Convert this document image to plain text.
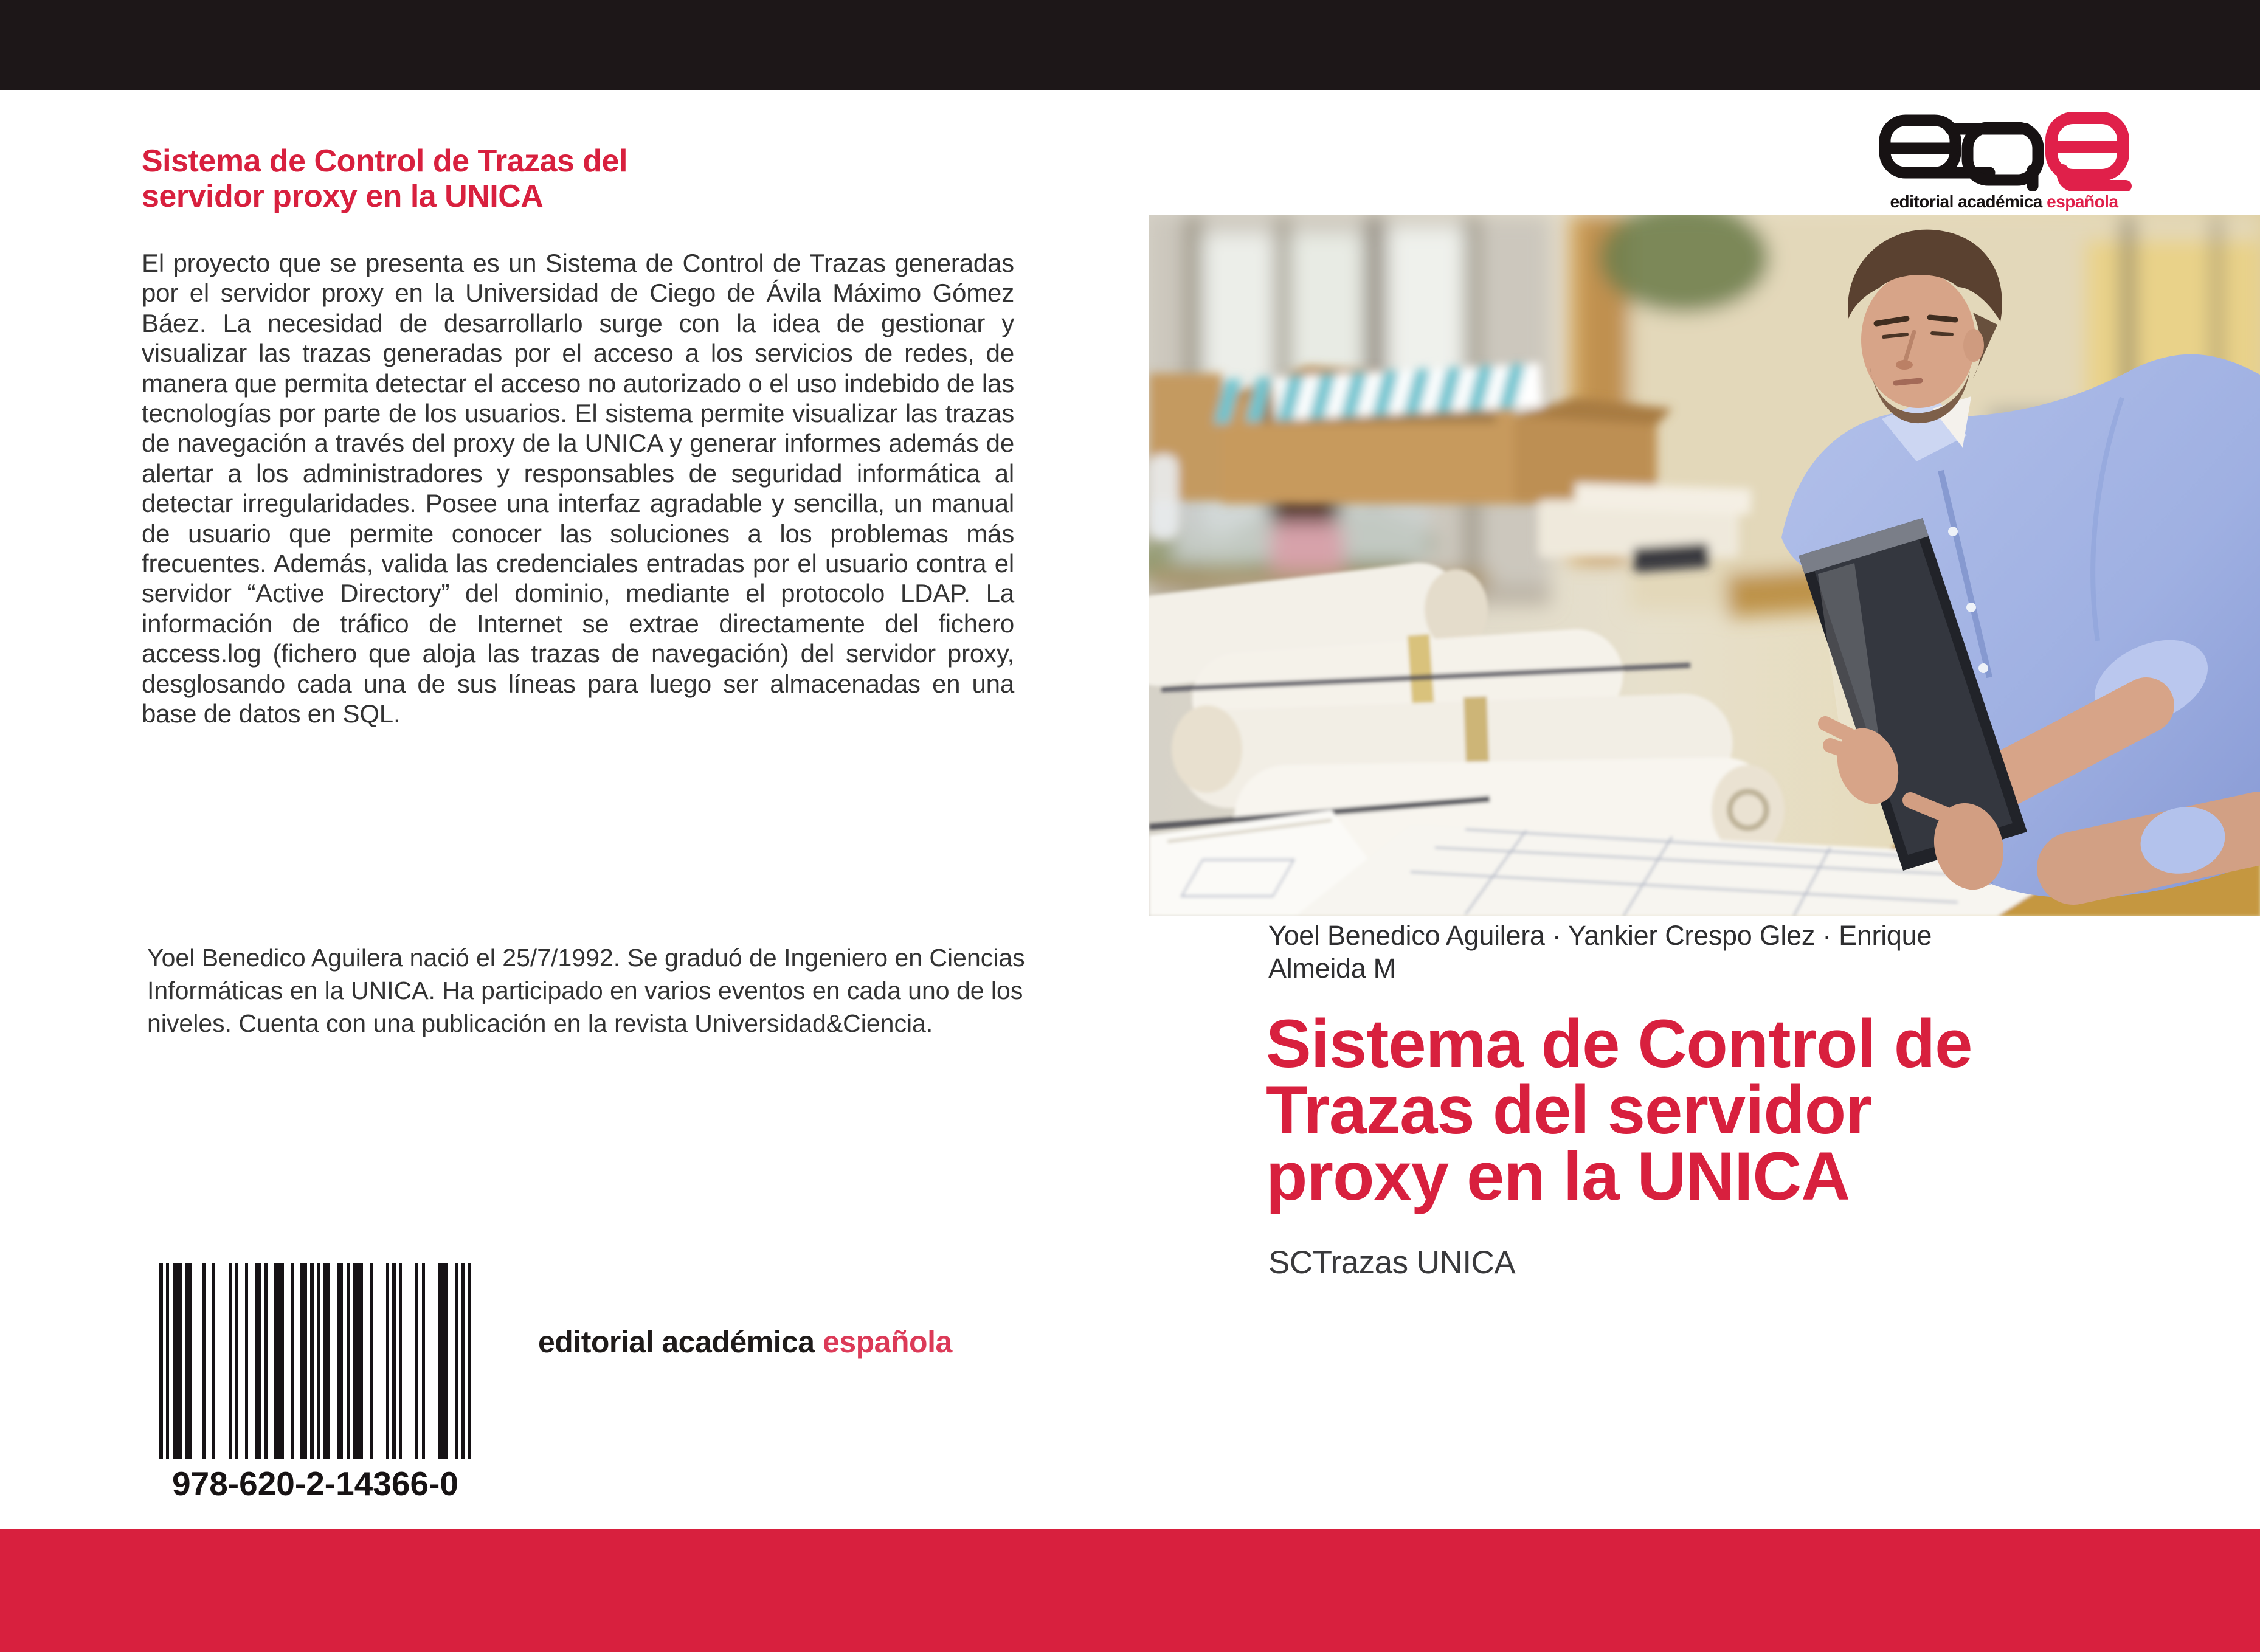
Sistema de Control de Trazas del
servidor proxy en la UNICA
El proyecto que se presenta es un Sistema de Control de Trazas generadas por el servidor proxy en la Universidad de Ciego de Ávila Máximo Gómez Báez. La necesidad de desarrollarlo surge con la idea de gestionar y visualizar las trazas generadas por el acceso a los servicios de redes, de manera que permita detectar el acceso no autorizado o el uso indebido de las tecnologías por parte de los usuarios. El sistema permite visualizar las trazas de navegación a través del proxy de la UNICA y generar informes además de alertar a los administradores y responsables de seguridad informática al detectar irregularidades. Posee una interfaz agradable y sencilla, un manual de usuario que permite conocer las soluciones a los problemas más frecuentes. Además, valida las credenciales entradas por el usuario contra el servidor “Active Directory” del dominio, mediante el protocolo LDAP. La información de tráfico de Internet se extrae directamente del fichero access.log (fichero que aloja las trazas de navegación) del servidor proxy, desglosando cada una de sus líneas para luego ser almacenadas en una base de datos en SQL.
Yoel Benedico Aguilera nació el 25/7/1992. Se graduó de Ingeniero en Ciencias Informáticas en la UNICA. Ha participado en varios eventos en cada uno de los niveles. Cuenta con una publicación en la revista Universidad&Ciencia.
978-620-2-14366-0
editorial académica española
editorial académica española
Yoel Benedico Aguilera · Yankier Crespo Glez · Enrique
Almeida M
Sistema de Control de
Trazas del servidor
proxy en la UNICA
SCTrazas UNICA
